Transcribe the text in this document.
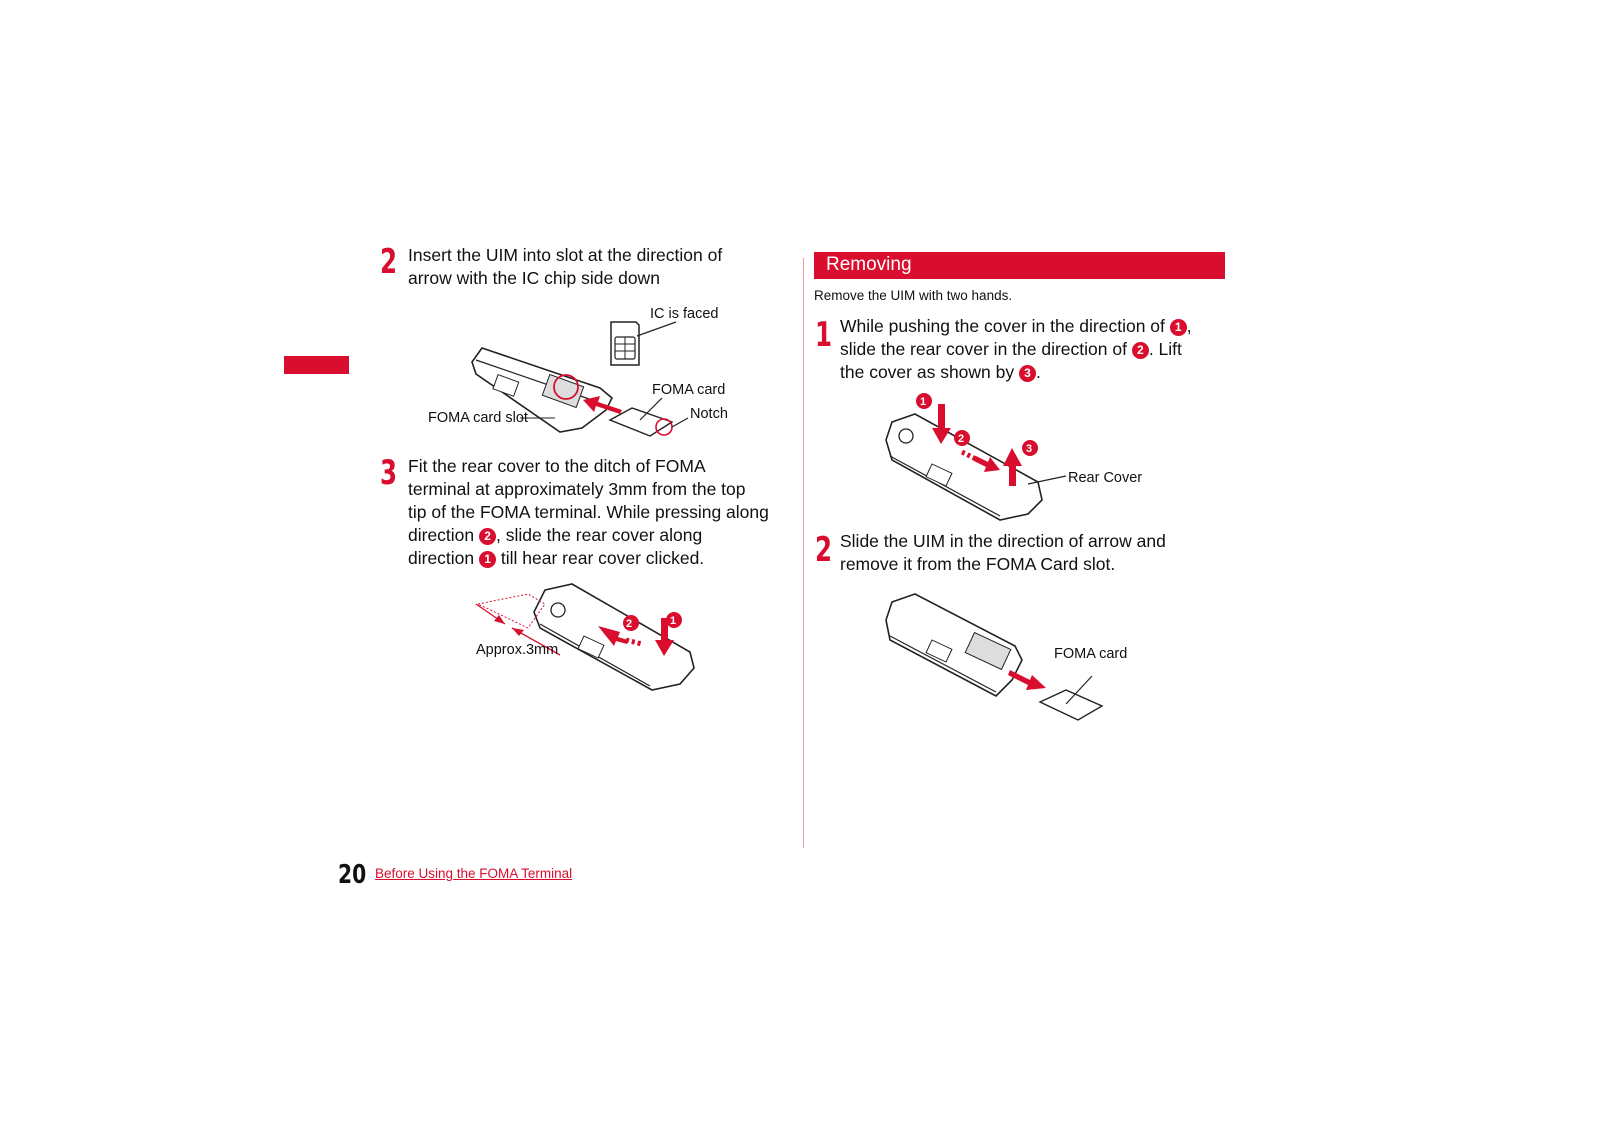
2 Insert the UIM into slot at the direction of
arrow with the IC chip side down
IC is faced
FOMA card
FOMA card slot	Notch
3 Fit the rear cover to the ditch of FOMA
terminal at approximately 3mm from the top
tip of the FOMA terminal. While pressing along
direction 2 , slide the rear cover along
direction 1 till hear rear cover clicked.
2	1
Approx.3mm
Removing
Remove the UIM with two hands.
1 While pushing the cover in the direction of 1 ,
slide the rear cover in the direction of 2 . Lift
the cover as shown by 3 .
1
2
3
Rear Cover
2 Slide the UIM in the direction of arrow and
remove it from the FOMA Card slot.
FOMA card
20 Before Using the FOMA Terminal
